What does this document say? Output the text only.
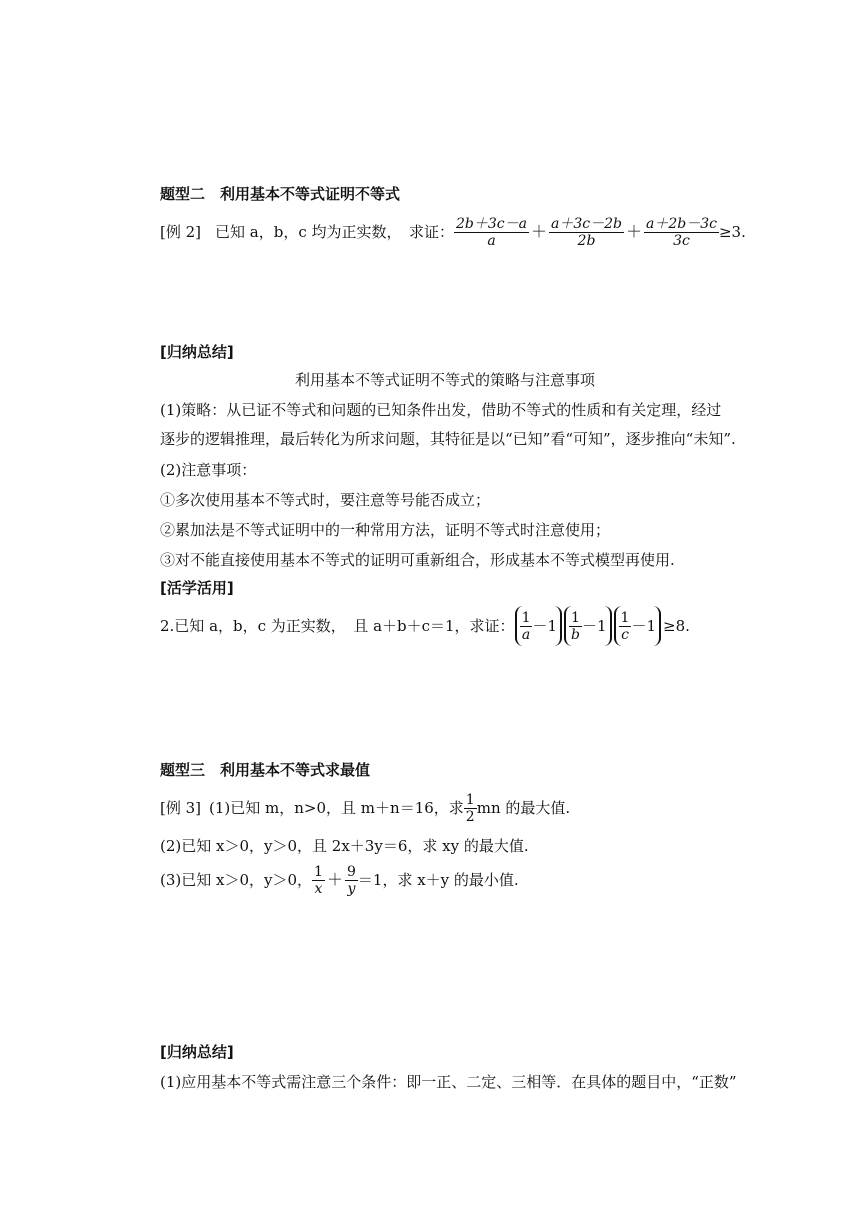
题型二　利用基本不等式证明不等式
[例 2] 已知 a，b，c 均为正实数，　求证： $\frac{2b+3c-a}{a} + \frac{a+3c-2b}{2b} + \frac{a+2b-3c}{3c} \ge 3$.
[归纳总结]
利用基本不等式证明不等式的策略与注意事项
(1)策略：从已证不等式和问题的已知条件出发，借助不等式的性质和有关定理，经过
逐步的逻辑推理，最后转化为所求问题，其特征是以“已知”看“可知”，逐步推向“未知”.
(2)注意事项：
①多次使用基本不等式时，要注意等号能否成立；
②累加法是不等式证明中的一种常用方法，证明不等式时注意使用；
③对不能直接使用基本不等式的证明可重新组合，形成基本不等式模型再使用.
[活学活用]
2.已知 a，b，c 为正实数，　且 a＋b＋c＝1，求证： $\frac{1}{a} -1 \frac{1}{b} -1 \frac{1}{c} -1 \ge 8$.
题型三　利用基本不等式求最值
[例 3] (1)已知 m，n>0，且 m＋n＝16，求 $\frac{1}{2}$ mn 的最大值.
(2)已知 x＞0，y＞0，且 2x＋3y＝6，求 xy 的最大值.
(3)已知 x＞0，y＞0， $\frac{1}{x} + \frac{9}{y} =1$，求 x＋y 的最小值.
[归纳总结]
(1)应用基本不等式需注意三个条件：即一正、二定、三相等．在具体的题目中，“正数”
